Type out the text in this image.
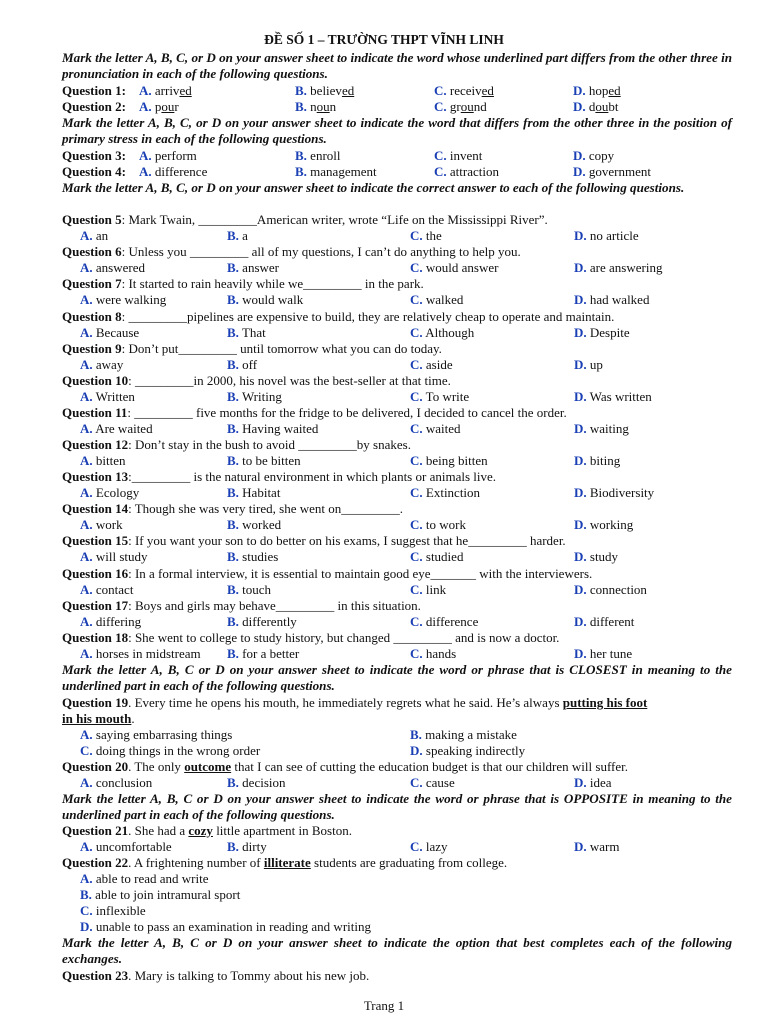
ĐỀ SỐ 1 – TRƯỜNG THPT VĨNH LINH
Mark the letter A, B, C, or D on your answer sheet to indicate the word whose underlined part differs from the other three in pronunciation in each of the following questions.
Question 1:	A. arrived	B. believed	C. received	D. hoped
Question 2:	A. pour	B. noun	C. ground	D. doubt
Mark the letter A, B, C, or D on your answer sheet to indicate the word that differs from the other three in the position of primary stress in each of the following questions.
Question 3:	A. perform	B. enroll	C. invent	D. copy
Question 4:	A. difference	B. management	C. attraction	D. government
Mark the letter A, B, C, or D on your answer sheet to indicate the correct answer to each of the following questions.
Question 5: Mark Twain, _________American writer, wrote “Life on the Mississippi River”.
A. an	B. a	C. the	D. no article
Question 6: Unless you _________ all of my questions, I can’t do anything to help you.
A. answered	B. answer	C. would answer	D. are answering
Question 7: It started to rain heavily while we_________ in the park.
A. were walking	B. would walk	C. walked	D. had walked
Question 8: _________pipelines are expensive to build, they are relatively cheap to operate and maintain.
A. Because	B. That	C. Although	D. Despite
Question 9: Don’t put_________ until tomorrow what you can do today.
A. away	B. off	C. aside	D. up
Question 10: _________in 2000, his novel was the best-seller at that time.
A. Written	B. Writing	C. To write	D. Was written
Question 11: _________ five months for the fridge to be delivered, I decided to cancel the order.
A. Are waited	B. Having waited	C. waited	D. waiting
Question 12: Don’t stay in the bush to avoid _________by snakes.
A. bitten	B. to be bitten	C. being bitten	D. biting
Question 13:_________ is the natural environment in which plants or animals live.
A. Ecology	B. Habitat	C. Extinction	D. Biodiversity
Question 14: Though she was very tired, she went on_________.
A. work	B. worked	C. to work	D. working
Question 15: If you want your son to do better on his exams, I suggest that he_________ harder.
A. will study	B. studies	C. studied	D. study
Question 16: In a formal interview, it is essential to maintain good eye_______ with the interviewers.
A. contact	B. touch	C. link	D. connection
Question 17: Boys and girls may behave_________ in this situation.
A. differing	B. differently	C. difference	D. different
Question 18: She went to college to study history, but changed _________ and is now a doctor.
A. horses in midstream B. for a better	C. hands	D. her tune
Mark the letter A, B, C or D on your answer sheet to indicate the word or phrase that is CLOSEST in meaning to the underlined part in each of the following questions.
Question 19. Every time he opens his mouth, he immediately regrets what he said. He’s always putting his foot
in his mouth.
A. saying embarrasing things	B. making a mistake
C. doing things in the wrong order	D. speaking indirectly
Question 20. The only outcome that I can see of cutting the education budget is that our children will suffer.
A. conclusion	B. decision	C. cause	D. idea
Mark the letter A, B, C or D on your answer sheet to indicate the word or phrase that is OPPOSITE in meaning to the underlined part in each of the following questions.
Question 21. She had a cozy little apartment in Boston.
A. uncomfortable	B. dirty	C. lazy	D. warm
Question 22. A frightening number of illiterate students are graduating from college.
A. able to read and write
B. able to join intramural sport
C. inflexible
D. unable to pass an examination in reading and writing
Mark the letter A, B, C or D on your answer sheet to indicate the option that best completes each of the following exchanges.
Question 23. Mary is talking to Tommy about his new job.
Trang 1
